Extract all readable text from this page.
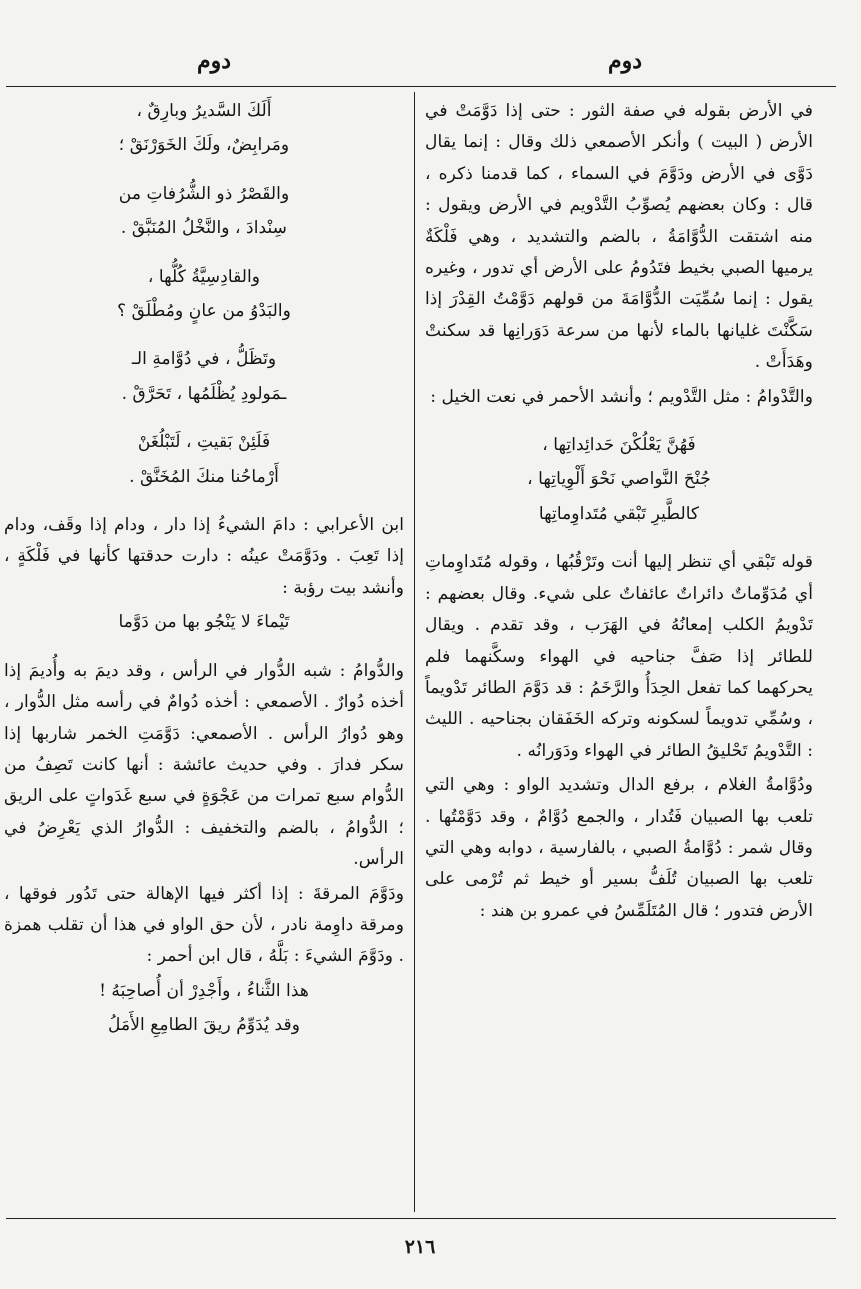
دوم
دوم

في الأرض بقوله في صفة الثور : حتى إذا دَوَّمَتْ في الأرض ( البيت ) وأنكر الأصمعي ذلك وقال : إنما يقال دَوَّى في الأرض ودَوَّمَ في السماء ، كما قدمنا ذكره ، قال : وكان بعضهم يُصوِّبُ التَّدْويم في الأرض ويقول : منه اشتقت الدُّوَّامَةُ ، بالضم والتشديد ، وهي فَلْكَةٌ يرميها الصبي بخيط فتَدُومُ على الأرض أي تدور ، وغيره يقول : إنما سُمِّيَت الدُّوَّامَةَ من قولهم دَوَّمْتُ القِدْرَ إذا سَكَّنْتَ غليانها بالماء لأنها من سرعة دَوَرانِها قد سكنتْ وهَدَأَتْ .

والتَّدْوامُ : مثل التَّدْويم ؛ وأنشد الأحمر في نعت الخيل :

فَهُنَّ يَعْلُكْنَ حَدائِداتِها ،

جُنْحَ النَّواصي نَحْوَ أَلْوِياتِها ،

كالطَّيرِ تَبْقي مُتَداوِماتِها

قوله تَبْقي أي تنظر إليها أنت وتَرْقُبُها ، وقوله مُتَداوِماتِ أي مُدَوِّماتٌ دائراتٌ عائفاتٌ على شيء. وقال بعضهم : تَدْويمُ الكلب إمعانُهُ في الهَرَب ، وقد تقدم . ويقال للطائر إذا صَفَّ جناحيه في الهواء وسكَّنهما فلم يحركهما كما تفعل الحِدَأُ والرَّخَمُ : قد دَوَّمَ الطائر تَدْويماً ، وسُمِّي تدويماً لسكونه وتركه الخَفَقان بجناحيه . الليث : التَّدْويمُ تَحْليقُ الطائر في الهواء ودَوَرانُه .

ودُوَّامةُ الغلام ، برفع الدال وتشديد الواو : وهي التي تلعب بها الصبيان فَتُدار ، والجمع دُوَّامٌ ، وقد دَوَّمْتُها . وقال شمر : دُوَّامةُ الصبي ، بالفارسية ، دوابه وهي التي تلعب بها الصبيان تُلَفُّ بسير أو خيط ثم تُرْمى على الأرض فتدور ؛ قال المُتَلَمِّسُ في عمرو بن هند :

أَلَكَ السَّديرُ وبارِقٌ ،

ومَرابِضٌ، ولَكَ الخَوَرْنَقْ ؛

والقَصْرُ ذو الشُّرُفاتِ من

سِنْدادَ ، والنَّخْلُ المُنَبَّقْ .

والقادِسِيَّةُ كُلُّها ،

والبَدْوُ من عانٍ ومُطْلَقْ ؟

وتَظَلُّ ، في دُوَّامةِ الـ

ـمَولودِ يُظْلَمُها ، تَحَرَّقْ .

فَلَئِنْ بَقيتِ ، لَتَبْلُغَنْ

أَرْماحُنا منكَ المُخَنَّقْ .

ابن الأعرابي : دامَ الشيءُ إذا دار ، ودام إذا وقَف، ودام إذا تَعِبَ . ودَوَّمَتْ عينُه : دارت حدقتها كأنها في فَلْكَةٍ ، وأنشد بيت رؤبة :

تَيْماءَ لا يَنْجُو بها من دَوَّما

والدُّوامُ : شبه الدُّوار في الرأس ، وقد ديمَ به وأُديمَ إذا أخذه دُوارٌ . الأصمعي : أخذه دُوامٌ في رأسه مثل الدُّوار ، وهو دُوارُ الرأس . الأصمعي: دَوَّمَتِ الخمر شاربها إذا سكر فدارَ . وفي حديث عائشة : أنها كانت تَصِفُ من الدُّوام سبع تمرات من عَجْوَةٍ في سبع غَدَواتٍ على الريق ؛ الدُّوامُ ، بالضم والتخفيف : الدُّوارُ الذي يَعْرِضُ في الرأس.

ودَوَّمَ المرقةَ : إذا أكثر فيها الإهالة حتى تَدُور فوقها ، ومرقة داوِمة نادر ، لأن حق الواو في هذا أن تقلب همزة . ودَوَّمَ الشيءَ : بَلَّهُ ، قال ابن أحمر :

هذا الثَّناءُ ، وأَجْدِرْ أن أُصاحِبَهُ !

وقد يُدَوِّمُ ريقَ الطامِعِ الأَمَلُ

٢١٦
